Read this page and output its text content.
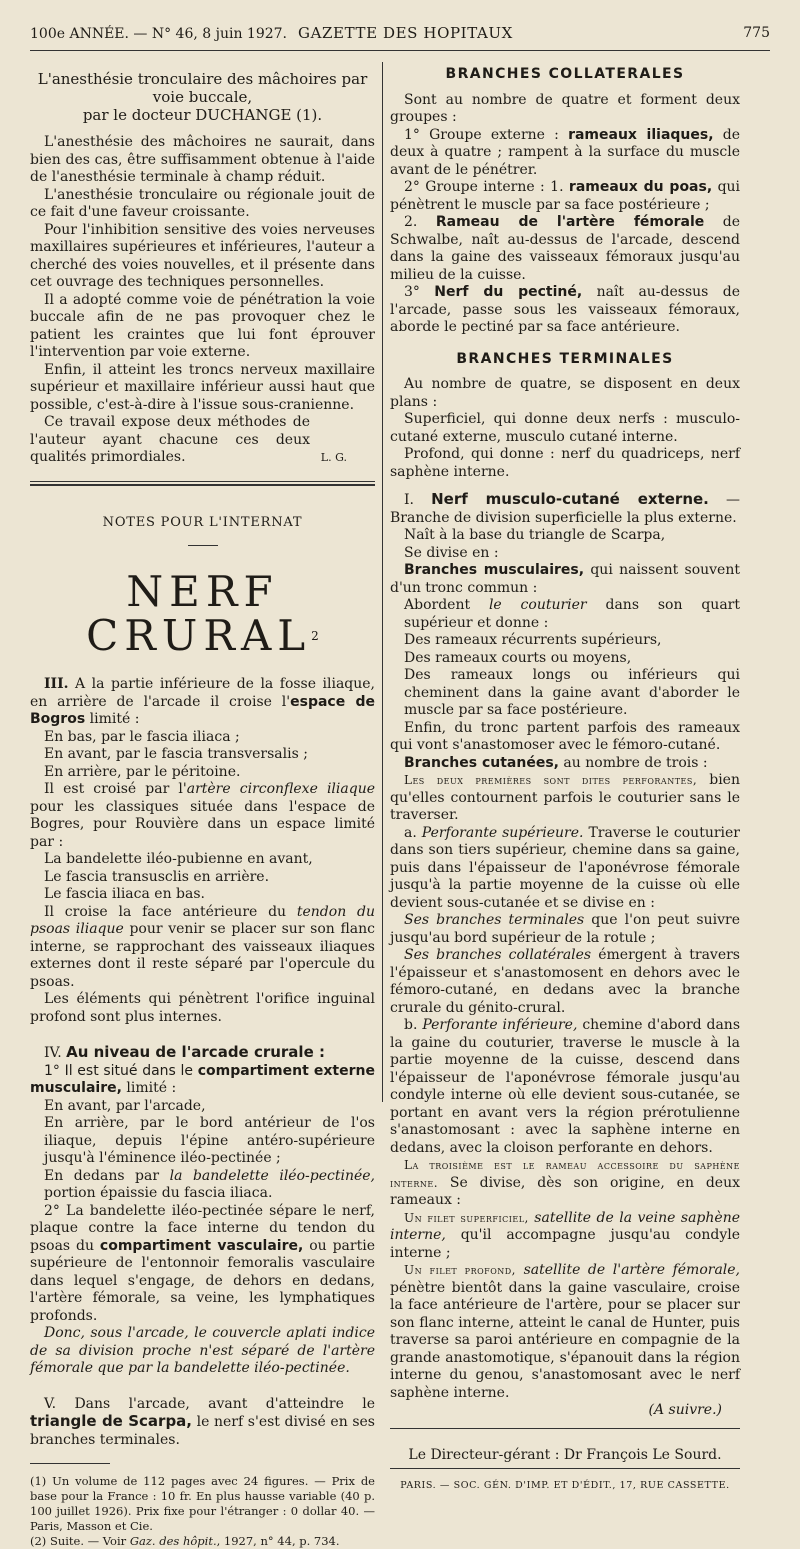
100e ANNÉE. — N° 46, 8 juin 1927. GAZETTE DES HOPITAUX	775

L'anesthésie tronculaire des mâchoires par voie buccale,
par le docteur DUCHANGE (1).

L'anesthésie des mâchoires ne saurait, dans bien des cas, être suffisamment obtenue à l'aide de l'anesthésie terminale à champ réduit.

L'anesthésie tronculaire ou régionale jouit de ce fait d'une faveur croissante.

Pour l'inhibition sensitive des voies nerveuses maxillaires supérieures et inférieures, l'auteur a cherché des voies nouvelles, et il présente dans cet ouvrage des techniques personnelles.

Il a adopté comme voie de pénétration la voie buccale afin de ne pas provoquer chez le patient les craintes que lui font éprouver l'intervention par voie externe.

Enfin, il atteint les troncs nerveux maxillaire supérieur et maxillaire inférieur aussi haut que possible, c'est-à-dire à l'issue sous-cranienne.

Ce travail expose deux méthodes de l'auteur ayant chacune ces deux qualités primordiales.	L. G.

NOTES POUR L'INTERNAT

NERF CRURAL$^2$

III. A la partie inférieure de la fosse iliaque, en arrière de l'arcade il croise l'espace de Bogros limité :

En bas, par le fascia iliaca ;

En avant, par le fascia transversalis ;

En arrière, par le péritoine.

Il est croisé par l'artère circonflexe iliaque pour les classiques située dans l'espace de Bogres, pour Rouvière dans un espace limité par :

La bandelette iléo-pubienne en avant,

Le fascia transusclis en arrière.

Le fascia iliaca en bas.

Il croise la face antérieure du tendon du psoas iliaque pour venir se placer sur son flanc interne, se rapprochant des vaisseaux iliaques externes dont il reste séparé par l'opercule du psoas.

Les éléments qui pénètrent l'orifice inguinal profond sont plus internes.

IV. Au niveau de l'arcade crurale :

1° Il est situé dans le compartiment externe musculaire, limité :

En avant, par l'arcade,

En arrière, par le bord antérieur de l'os iliaque, depuis l'épine antéro-supérieure jusqu'à l'éminence iléo-pectinée ;

En dedans par la bandelette iléo-pectinée, portion épaissie du fascia iliaca.

2° La bandelette iléo-pectinée sépare le nerf, plaque contre la face interne du tendon du psoas du compartiment vasculaire, ou partie supérieure de l'entonnoir femoralis vasculaire dans lequel s'engage, de dehors en dedans, l'artère fémorale, sa veine, les lymphatiques profonds.

Donc, sous l'arcade, le couvercle aplati indice de sa division proche n'est séparé de l'artère fémorale que par la bandelette iléo-pectinée.

V. Dans l'arcade, avant d'atteindre le triangle de Scarpa, le nerf s'est divisé en ses branches terminales.

(1) Un volume de 112 pages avec 24 figures. — Prix de base pour la France : 10 fr. En plus hausse variable (40 p. 100 juillet 1926). Prix fixe pour l'étranger : 0 dollar 40. — Paris, Masson et Cie.

(2) Suite. — Voir Gaz. des hôpit., 1927, n° 44, p. 734.

BRANCHES COLLATERALES

Sont au nombre de quatre et forment deux groupes :

1° Groupe externe : rameaux iliaques, de deux à quatre ; rampent à la surface du muscle avant de le pénétrer.

2° Groupe interne : 1. rameaux du poas, qui pénètrent le muscle par sa face postérieure ;

2. Rameau de l'artère fémorale de Schwalbe, naît au-dessus de l'arcade, descend dans la gaine des vaisseaux fémoraux jusqu'au milieu de la cuisse.

3° Nerf du pectiné, naît au-dessus de l'arcade, passe sous les vaisseaux fémoraux, aborde le pectiné par sa face antérieure.

BRANCHES TERMINALES

Au nombre de quatre, se disposent en deux plans :

Superficiel, qui donne deux nerfs : musculo-cutané externe, musculo cutané interne.

Profond, qui donne : nerf du quadriceps, nerf saphène interne.

I. Nerf musculo-cutané externe. — Branche de division superficielle la plus externe.

Naît à la base du triangle de Scarpa,

Se divise en :

Branches musculaires, qui naissent souvent d'un tronc commun :

Abordent le couturier dans son quart supérieur et donne :

Des rameaux récurrents supérieurs,

Des rameaux courts ou moyens,

Des rameaux longs ou inférieurs qui cheminent dans la gaine avant d'aborder le muscle par sa face postérieure.

Enfin, du tronc partent parfois des rameaux qui vont s'anastomoser avec le fémoro-cutané.

Branches cutanées, au nombre de trois :

Les deux premières sont dites perforantes, bien qu'elles contournent parfois le couturier sans le traverser.

a. Perforante supérieure. Traverse le couturier dans son tiers supérieur, chemine dans sa gaine, puis dans l'épaisseur de l'aponévrose fémorale jusqu'à la partie moyenne de la cuisse où elle devient sous-cutanée et se divise en :

Ses branches terminales que l'on peut suivre jusqu'au bord supérieur de la rotule ;

Ses branches collatérales émergent à travers l'épaisseur et s'anastomosent en dehors avec le fémoro-cutané, en dedans avec la branche crurale du génito-crural.

b. Perforante inférieure, chemine d'abord dans la gaine du couturier, traverse le muscle à la partie moyenne de la cuisse, descend dans l'épaisseur de l'aponévrose fémorale jusqu'au condyle interne où elle devient sous-cutanée, se portant en avant vers la région prérotulienne s'anastomosant : avec la saphène interne en dedans, avec la cloison perforante en dehors.

La troisième est le rameau accessoire du saphène interne. Se divise, dès son origine, en deux rameaux :

Un filet superficiel, satellite de la veine saphène interne, qu'il accompagne jusqu'au condyle interne ;

Un filet profond, satellite de l'artère fémorale, pénètre bientôt dans la gaine vasculaire, croise la face antérieure de l'artère, pour se placer sur son flanc interne, atteint le canal de Hunter, puis traverse sa paroi antérieure en compagnie de la grande anastomotique, s'épanouit dans la région interne du genou, s'anastomosant avec le nerf saphène interne.

(A suivre.)

Le Directeur-gérant : Dr François Le Sourd.

PARIS. — SOC. GÉN. D'IMP. ET D'ÉDIT., 17, RUE CASSETTE.
